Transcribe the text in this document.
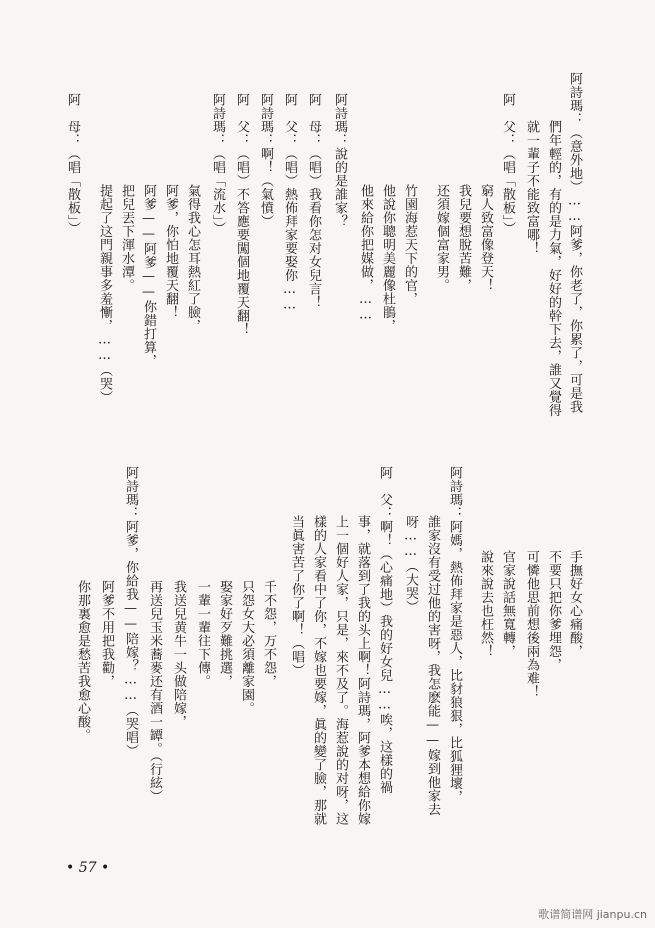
阿詩瑪：（意外地）……阿爹，你老了，你累了，可是我
們年輕的，有的是力氣，好好的幹下去，誰又覺得
就一輩子不能致富哪！
阿　父：（唱「散板」）
窮人致富像登天！
我兒要想脫苦難，
还須嫁個富家男。
竹園海惹天下的官，
他說你聰明美麗像杜鵑，
他來給你把媒做，……
阿詩瑪：說的是誰家？
阿　母：（唱）我看你怎对女兒言！
阿　父：（唱）熱佈拜家要娶你……
阿詩瑪：啊！（氣憤）
阿　父：（唱）不答應要闖個地覆天翻！
阿詩瑪：（唱「流水」）
氣得我心怎耳熱紅了臉，
阿爹，你怕地覆天翻！
阿爹——阿爹——你錯打算，
把兒丟下渾水潭。
提起了这門親事多羞慚，……（哭）
阿　母：（唱「散板」）
手撫好女心痛酸，
不要只把你爹埋怨，
可憐他思前想後兩為难！
官家說話無寬轉，
說來說去也枉然！
阿詩瑪：阿媽，熱佈拜家是惡人，比豺狼狠，比狐狸壞，
誰家沒有受过他的害呀，我怎麽能——嫁到他家去
呀……（大哭）
阿　父：啊！（心痛地）我的好女兒……唉，这樣的禍
事，就落到了我的头上啊！阿詩瑪，阿爹本想給你嫁
上一個好人家，只是，來不及了。海惹說的对呀，这
樣的人家看中了你，不嫁也要嫁，眞的變了臉，那就
当眞害苦了你了啊！（唱）
千不怨，万不怨，
只怨女大必須離家園。
娶家好歹難挑選，
一輩一輩往下傳。
我送兒黄牛一头做陪嫁，
再送兒玉米蕎麥还有酒一罈。（行絃）
阿詩瑪：阿爹，你給我——陪嫁？……（哭唱）
阿爹不用把我勸，
你那裏愈是愁苦我愈心酸。
• 57 •
歌谱简谱网 jianpu.cn
